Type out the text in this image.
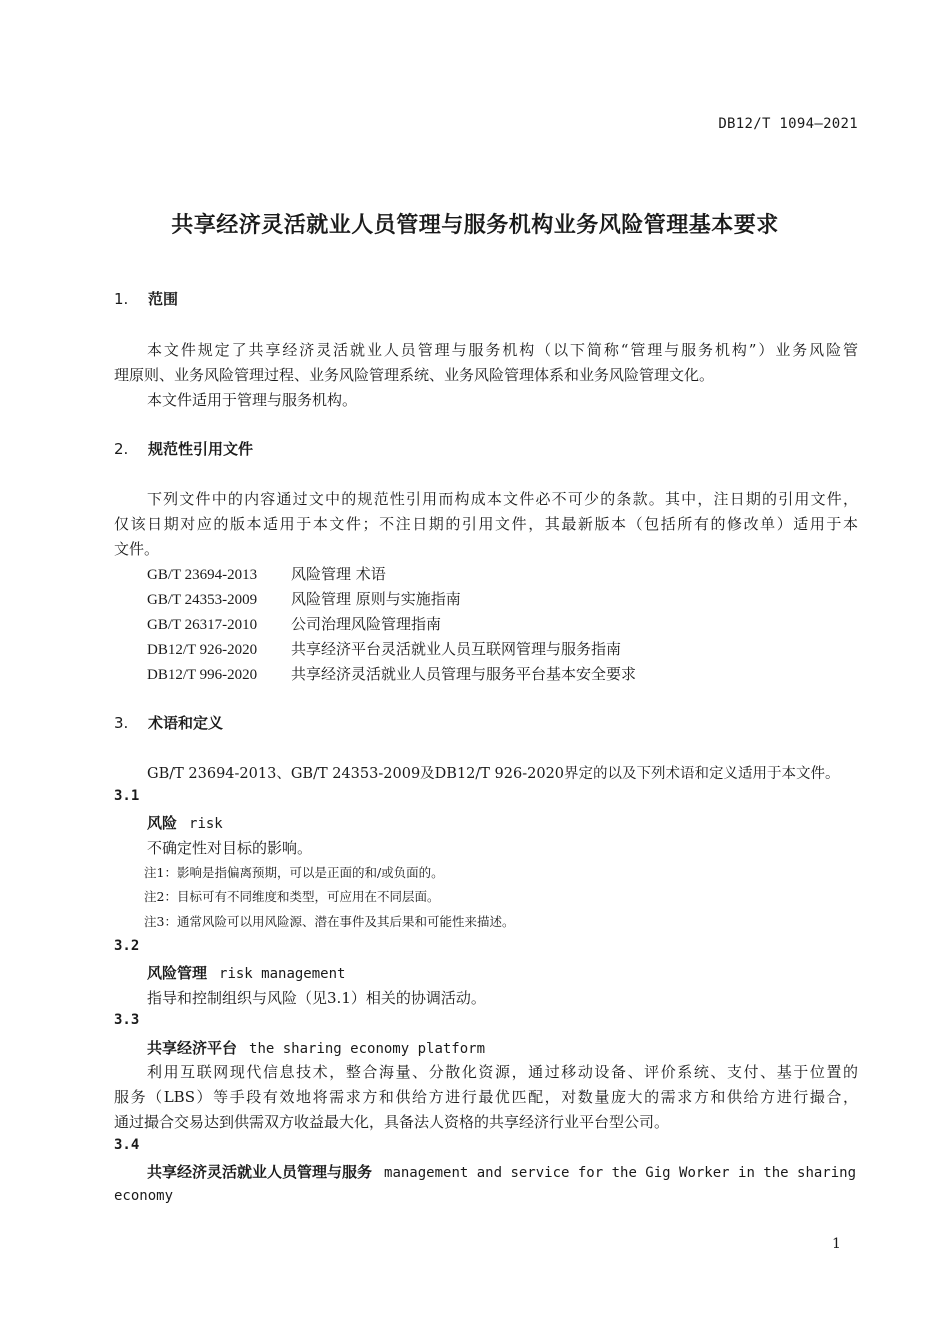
DB12/T 1094—2021
共享经济灵活就业人员管理与服务机构业务风险管理基本要求
1. 范围
本文件规定了共享经济灵活就业人员管理与服务机构（以下简称“管理与服务机构”）业务风险管
理原则、业务风险管理过程、业务风险管理系统、业务风险管理体系和业务风险管理文化。
本文件适用于管理与服务机构。
2. 规范性引用文件
下列文件中的内容通过文中的规范性引用而构成本文件必不可少的条款。其中，注日期的引用文件，
仅该日期对应的版本适用于本文件；不注日期的引用文件，其最新版本（包括所有的修改单）适用于本
文件。
GB/T 23694-2013 风险管理 术语
GB/T 24353-2009 风险管理 原则与实施指南
GB/T 26317-2010 公司治理风险管理指南
DB12/T 926-2020 共享经济平台灵活就业人员互联网管理与服务指南
DB12/T 996-2020 共享经济灵活就业人员管理与服务平台基本安全要求
3. 术语和定义
GB/T 23694-2013、GB/T 24353-2009及DB12/T 926-2020界定的以及下列术语和定义适用于本文件。
3.1
风险 risk
不确定性对目标的影响。
注1：影响是指偏离预期，可以是正面的和/或负面的。
注2：目标可有不同维度和类型，可应用在不同层面。
注3：通常风险可以用风险源、潜在事件及其后果和可能性来描述。
3.2
风险管理 risk management
指导和控制组织与风险（见3.1）相关的协调活动。
3.3
共享经济平台 the sharing economy platform
利用互联网现代信息技术，整合海量、分散化资源，通过移动设备、评价系统、支付、基于位置的
服务（LBS）等手段有效地将需求方和供给方进行最优匹配，对数量庞大的需求方和供给方进行撮合，
通过撮合交易达到供需双方收益最大化，具备法人资格的共享经济行业平台型公司。
3.4
共享经济灵活就业人员管理与服务 management and service for the Gig Worker in the sharing
economy
1
